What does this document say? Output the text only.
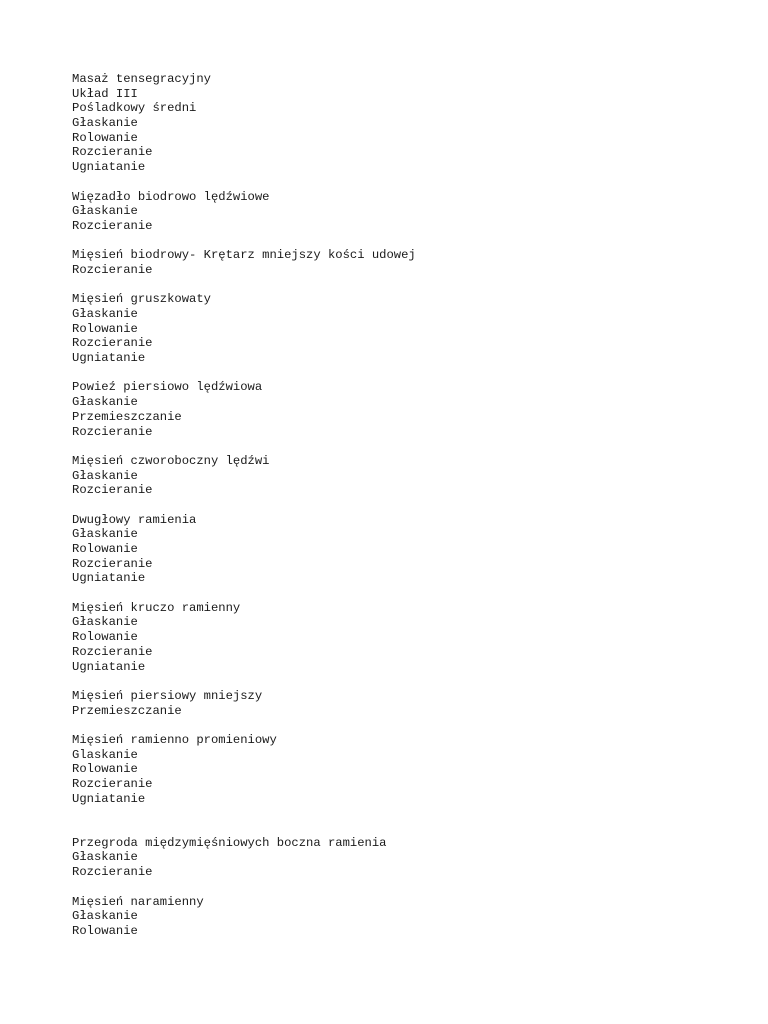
Masaż tensegracyjny
Układ III
Pośladkowy średni
Głaskanie
Rolowanie
Rozcieranie
Ugniatanie
Więzadło biodrowo lędźwiowe
Głaskanie
Rozcieranie
Mięsień biodrowy- Krętarz mniejszy kości udowej
Rozcieranie
Mięsień gruszkowaty
Głaskanie
Rolowanie
Rozcieranie
Ugniatanie
Powieź piersiowo lędźwiowa
Głaskanie
Przemieszczanie
Rozcieranie
Mięsień czworoboczny lędźwi
Głaskanie
Rozcieranie
Dwugłowy ramienia
Głaskanie
Rolowanie
Rozcieranie
Ugniatanie
Mięsień kruczo ramienny
Głaskanie
Rolowanie
Rozcieranie
Ugniatanie
Mięsień piersiowy mniejszy
Przemieszczanie
Mięsień ramienno promieniowy
Glaskanie
Rolowanie
Rozcieranie
Ugniatanie
Przegroda międzymięśniowych boczna ramienia
Głaskanie
Rozcieranie
Mięsień naramienny
Głaskanie
Rolowanie
